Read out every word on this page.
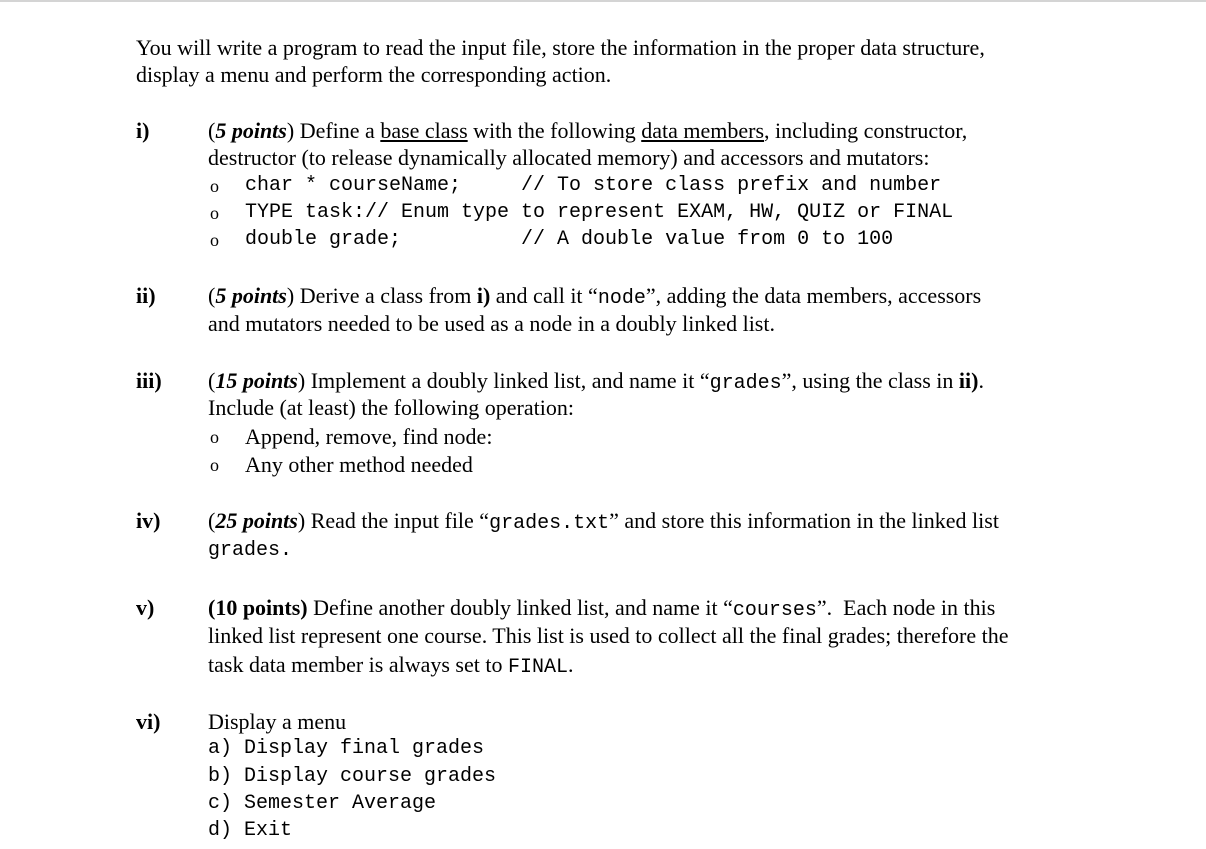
You will write a program to read the input file, store the information in the proper data structure,
display a menu and perform the corresponding action.
i)	(5 points) Define a base class with the following data members, including constructor,
destructor (to release dynamically allocated memory) and accessors and mutators:
o char * courseName;     // To store class prefix and number
o TYPE task:// Enum type to represent EXAM, HW, QUIZ or FINAL
o double grade;          // A double value from 0 to 100
ii) (5 points) Derive a class from i) and call it “node”, adding the data members, accessors
and mutators needed to be used as a node in a doubly linked list.
iii) (15 points) Implement a doubly linked list, and name it “grades”, using the class in ii).
Include (at least) the following operation:
o Append, remove, find node:
o Any other method needed
iv) (25 points) Read the input file “grades.txt” and store this information in the linked list
grades.
v) (10 points) Define another doubly linked list, and name it “courses”.  Each node in this
linked list represent one course. This list is used to collect all the final grades; therefore the
task data member is always set to FINAL.
vi) Display a menu
a) Display final grades
b) Display course grades
c) Semester Average
d) Exit
